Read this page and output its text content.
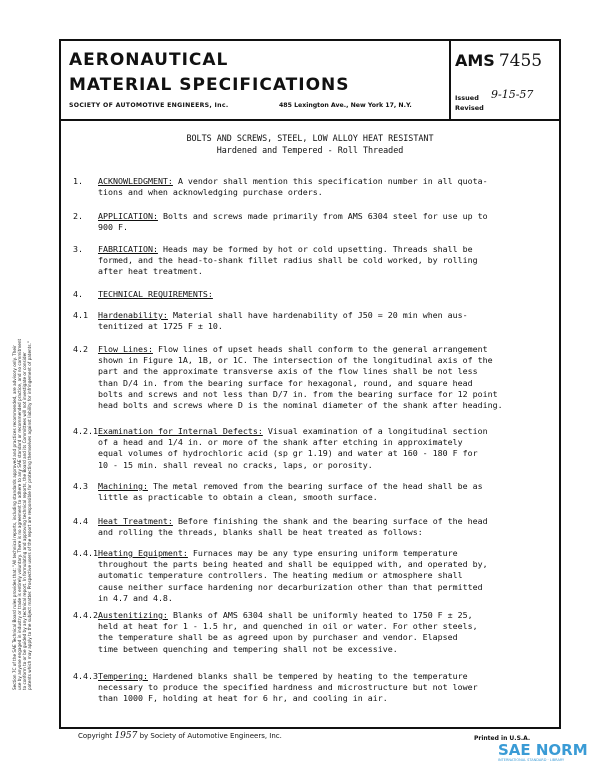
Section 7C of the SAE Technical Board rules provides that: "All technical reports, including standards approved and practices recommended, are advisory only. Their use by anyone engaged in industry or trade is entirely voluntary. There is no agreement to adhere to any SAE standard or recommended practice, and no commitment to conform to or be guided by any technical report. In formulating and approving technical reports, the Board and its Committees will not investigate or consider patents which may apply to the subject matter. Prospective users of the report are responsible for protecting themselves against liability for infringement of patents."
AERONAUTICAL
MATERIAL SPECIFICATIONS
SOCIETY OF AUTOMOTIVE ENGINEERS, Inc.	485 Lexington Ave., New York 17, N.Y.
AMS 7455
Issued 9-15-57
Revised
BOLTS AND SCREWS, STEEL, LOW ALLOY HEAT RESISTANT
Hardened and Tempered - Roll Threaded
1. ACKNOWLEDGMENT: A vendor shall mention this specification number in all quota-
tions and when acknowledging purchase orders.
2. APPLICATION: Bolts and screws made primarily from AMS 6304 steel for use up to
900 F.
3. FABRICATION: Heads may be formed by hot or cold upsetting. Threads shall be
formed, and the head-to-shank fillet radius shall be cold worked, by rolling
after heat treatment.
4. TECHNICAL REQUIREMENTS:
4.1 Hardenability: Material shall have hardenability of J50 = 20 min when aus-
tenitized at 1725 F ± 10.
4.2 Flow Lines: Flow lines of upset heads shall conform to the general arrangement
shown in Figure 1A, 1B, or 1C. The intersection of the longitudinal axis of the
part and the approximate transverse axis of the flow lines shall be not less
than D/4 in. from the bearing surface for hexagonal, round, and square head
bolts and screws and not less than D/7 in. from the bearing surface for 12 point
head bolts and screws where D is the nominal diameter of the shank after heading.
4.2.1 Examination for Internal Defects: Visual examination of a longitudinal section
of a head and 1/4 in. or more of the shank after etching in approximately
equal volumes of hydrochloric acid (sp gr 1.19) and water at 160 - 180 F for
10 - 15 min. shall reveal no cracks, laps, or porosity.
4.3 Machining: The metal removed from the bearing surface of the head shall be as
little as practicable to obtain a clean, smooth surface.
4.4 Heat Treatment: Before finishing the shank and the bearing surface of the head
and rolling the threads, blanks shall be heat treated as follows:
4.4.1 Heating Equipment: Furnaces may be any type ensuring uniform temperature
throughout the parts being heated and shall be equipped with, and operated by,
automatic temperature controllers. The heating medium or atmosphere shall
cause neither surface hardening nor decarburization other than that permitted
in 4.7 and 4.8.
4.4.2 Austenitizing: Blanks of AMS 6304 shall be uniformly heated to 1750 F ± 25,
held at heat for 1 - 1.5 hr, and quenched in oil or water. For other steels,
the temperature shall be as agreed upon by purchaser and vendor. Elapsed
time between quenching and tempering shall not be excessive.
4.4.3 Tempering: Hardened blanks shall be tempered by heating to the temperature
necessary to produce the specified hardness and microstructure but not lower
than 1000 F, holding at heat for 6 hr, and cooling in air.
Copyright 1957 by Society of Automotive Engineers, Inc.	Printed in U.S.A.
SAE NORM
INTERNATIONAL STANDARD · LIBRARY
